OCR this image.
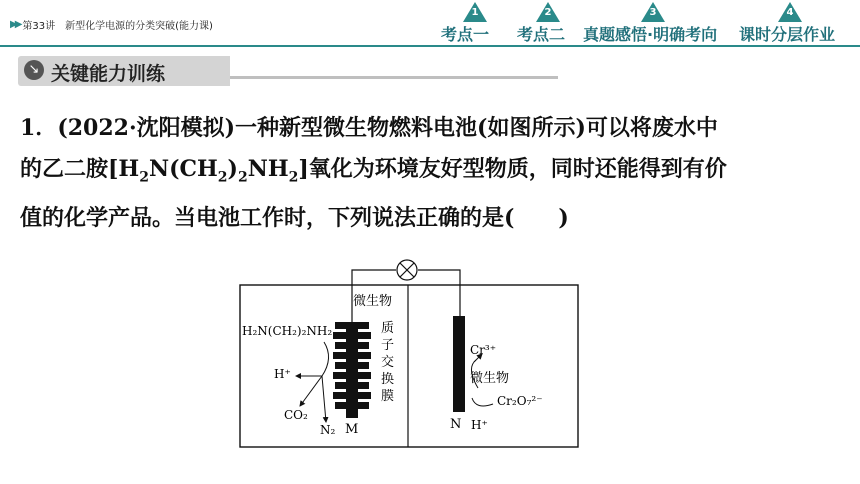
▶▶ 第33讲 新型化学电源的分类突破(能力课)
1
考点一
2
考点二
3
真题感悟·明确考向
4
课时分层作业
↘ 关键能力训练
1．(2022·沈阳模拟)一种新型微生物燃料电池(如图所示)可以将废水中
的乙二胺$[H_2N(CH_2)_2NH_2]$氧化为环境友好型物质，同时还能得到有价
值的化学产品。当电池工作时，下列说法正确的是(　　)
微生物
M
质
子
交
换
膜
H₂N(CH₂)₂NH₂
H⁺
CO₂
N₂	N
Cr³⁺
微生物
Cr₂O₇²⁻
H⁺
